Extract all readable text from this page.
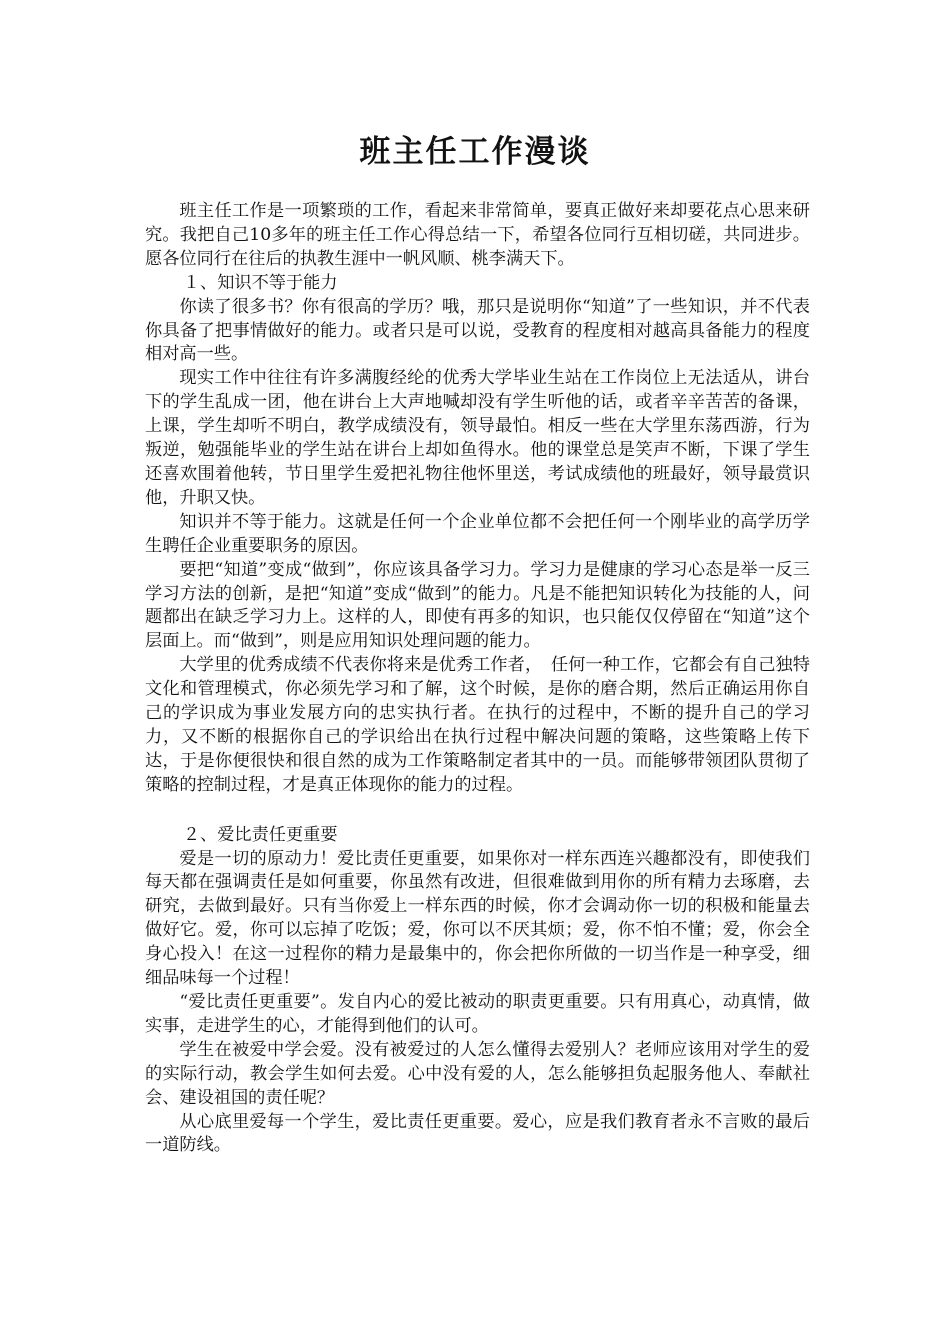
班主任工作漫谈

班主任工作是一项繁琐的工作，看起来非常简单，要真正做好来却要花点心思来研究。我把自己10多年的班主任工作心得总结一下，希望各位同行互相切磋，共同进步。愿各位同行在往后的执教生涯中一帆风顺、桃李满天下。

１、知识不等于能力

你读了很多书？你有很高的学历？哦，那只是说明你“知道”了一些知识，并不代表你具备了把事情做好的能力。或者只是可以说，受教育的程度相对越高具备能力的程度相对高一些。

现实工作中往往有许多满腹经纶的优秀大学毕业生站在工作岗位上无法适从，讲台下的学生乱成一团，他在讲台上大声地喊却没有学生听他的话，或者辛辛苦苦的备课，上课，学生却听不明白，教学成绩没有，领导最怕。相反一些在大学里东荡西游，行为叛逆，勉强能毕业的学生站在讲台上却如鱼得水。他的课堂总是笑声不断，下课了学生还喜欢围着他转，节日里学生爱把礼物往他怀里送，考试成绩他的班最好，领导最赏识他，升职又快。

知识并不等于能力。这就是任何一个企业单位都不会把任何一个刚毕业的高学历学生聘任企业重要职务的原因。

要把“知道”变成“做到”，你应该具备学习力。学习力是健康的学习心态是举一反三学习方法的创新，是把“知道”变成“做到”的能力。凡是不能把知识转化为技能的人，问题都出在缺乏学习力上。这样的人，即使有再多的知识，也只能仅仅停留在“知道”这个层面上。而“做到”，则是应用知识处理问题的能力。

大学里的优秀成绩不代表你将来是优秀工作者，　任何一种工作，它都会有自己独特文化和管理模式，你必须先学习和了解，这个时候，是你的磨合期，然后正确运用你自己的学识成为事业发展方向的忠实执行者。在执行的过程中，不断的提升自己的学习力，又不断的根据你自己的学识给出在执行过程中解决问题的策略，这些策略上传下达，于是你便很快和很自然的成为工作策略制定者其中的一员。而能够带领团队贯彻了策略的控制过程，才是真正体现你的能力的过程。

２、爱比责任更重要

爱是一切的原动力！爱比责任更重要，如果你对一样东西连兴趣都没有，即使我们每天都在强调责任是如何重要，你虽然有改进，但很难做到用你的所有精力去琢磨，去研究，去做到最好。只有当你爱上一样东西的时候，你才会调动你一切的积极和能量去做好它。爱，你可以忘掉了吃饭；爱，你可以不厌其烦；爱，你不怕不懂；爱，你会全身心投入！在这一过程你的精力是最集中的，你会把你所做的一切当作是一种享受，细细品味每一个过程！

“爱比责任更重要”。发自内心的爱比被动的职责更重要。只有用真心，动真情，做实事，走进学生的心，才能得到他们的认可。

学生在被爱中学会爱。没有被爱过的人怎么懂得去爱别人？老师应该用对学生的爱的实际行动，教会学生如何去爱。心中没有爱的人，怎么能够担负起服务他人、奉献社会、建设祖国的责任呢？

从心底里爱每一个学生，爱比责任更重要。爱心，应是我们教育者永不言败的最后一道防线。
